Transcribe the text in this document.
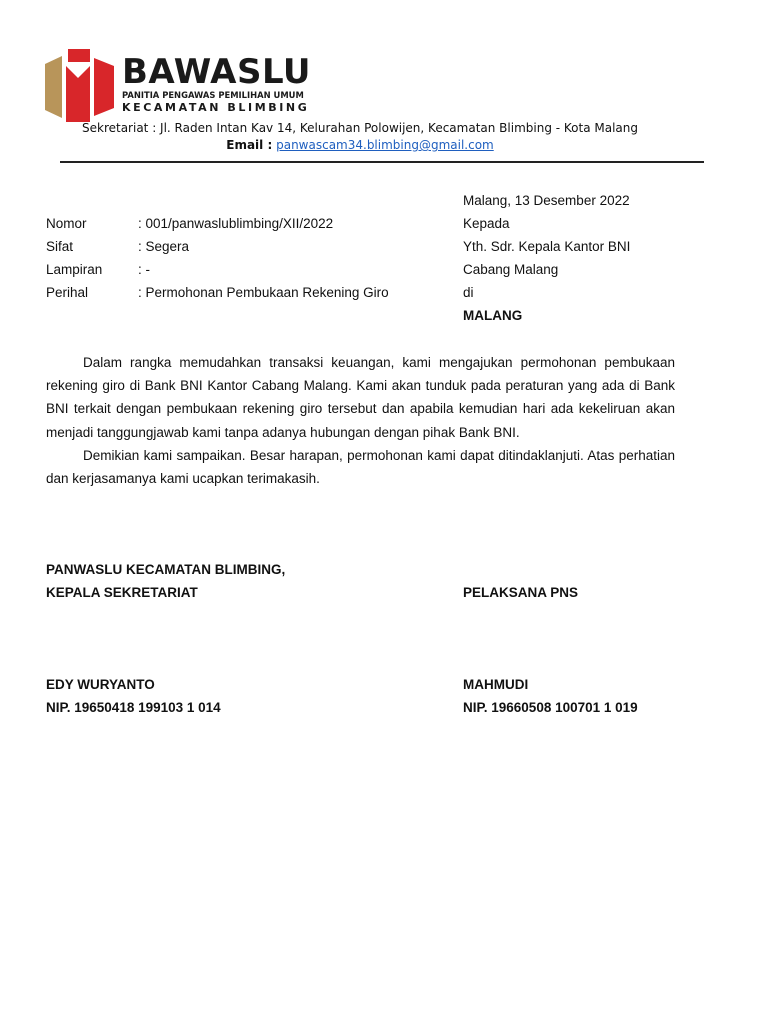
BAWASLU
PANITIA PENGAWAS PEMILIHAN UMUM
KECAMATAN BLIMBING
Sekretariat : Jl. Raden Intan Kav 14, Kelurahan Polowijen, Kecamatan Blimbing - Kota Malang
Email : panwascam34.blimbing@gmail.com
Malang, 13 Desember 2022
Nomor	: 001/panwaslublimbing/XII/2022
Sifat	: Segera
Lampiran	: -
Perihal	: Permohonan Pembukaan Rekening Giro
Kepada
Yth. Sdr. Kepala Kantor BNI
Cabang Malang
di
MALANG

Dalam rangka memudahkan transaksi keuangan, kami mengajukan permohonan pembukaan rekening giro di Bank BNI Kantor Cabang Malang. Kami akan tunduk pada peraturan yang ada di Bank BNI terkait dengan pembukaan rekening giro tersebut dan apabila kemudian hari ada kekeliruan akan menjadi tanggungjawab kami tanpa adanya hubungan dengan pihak Bank BNI.

Demikian kami sampaikan. Besar harapan, permohonan kami dapat ditindaklanjuti. Atas perhatian dan kerjasamanya kami ucapkan terimakasih.

PANWASLU KECAMATAN BLIMBING,
KEPALA SEKRETARIAT	PELAKSANA PNS
EDY WURYANTO
NIP. 19650418 199103 1 014
MAHMUDI
NIP. 19660508 100701 1 019
